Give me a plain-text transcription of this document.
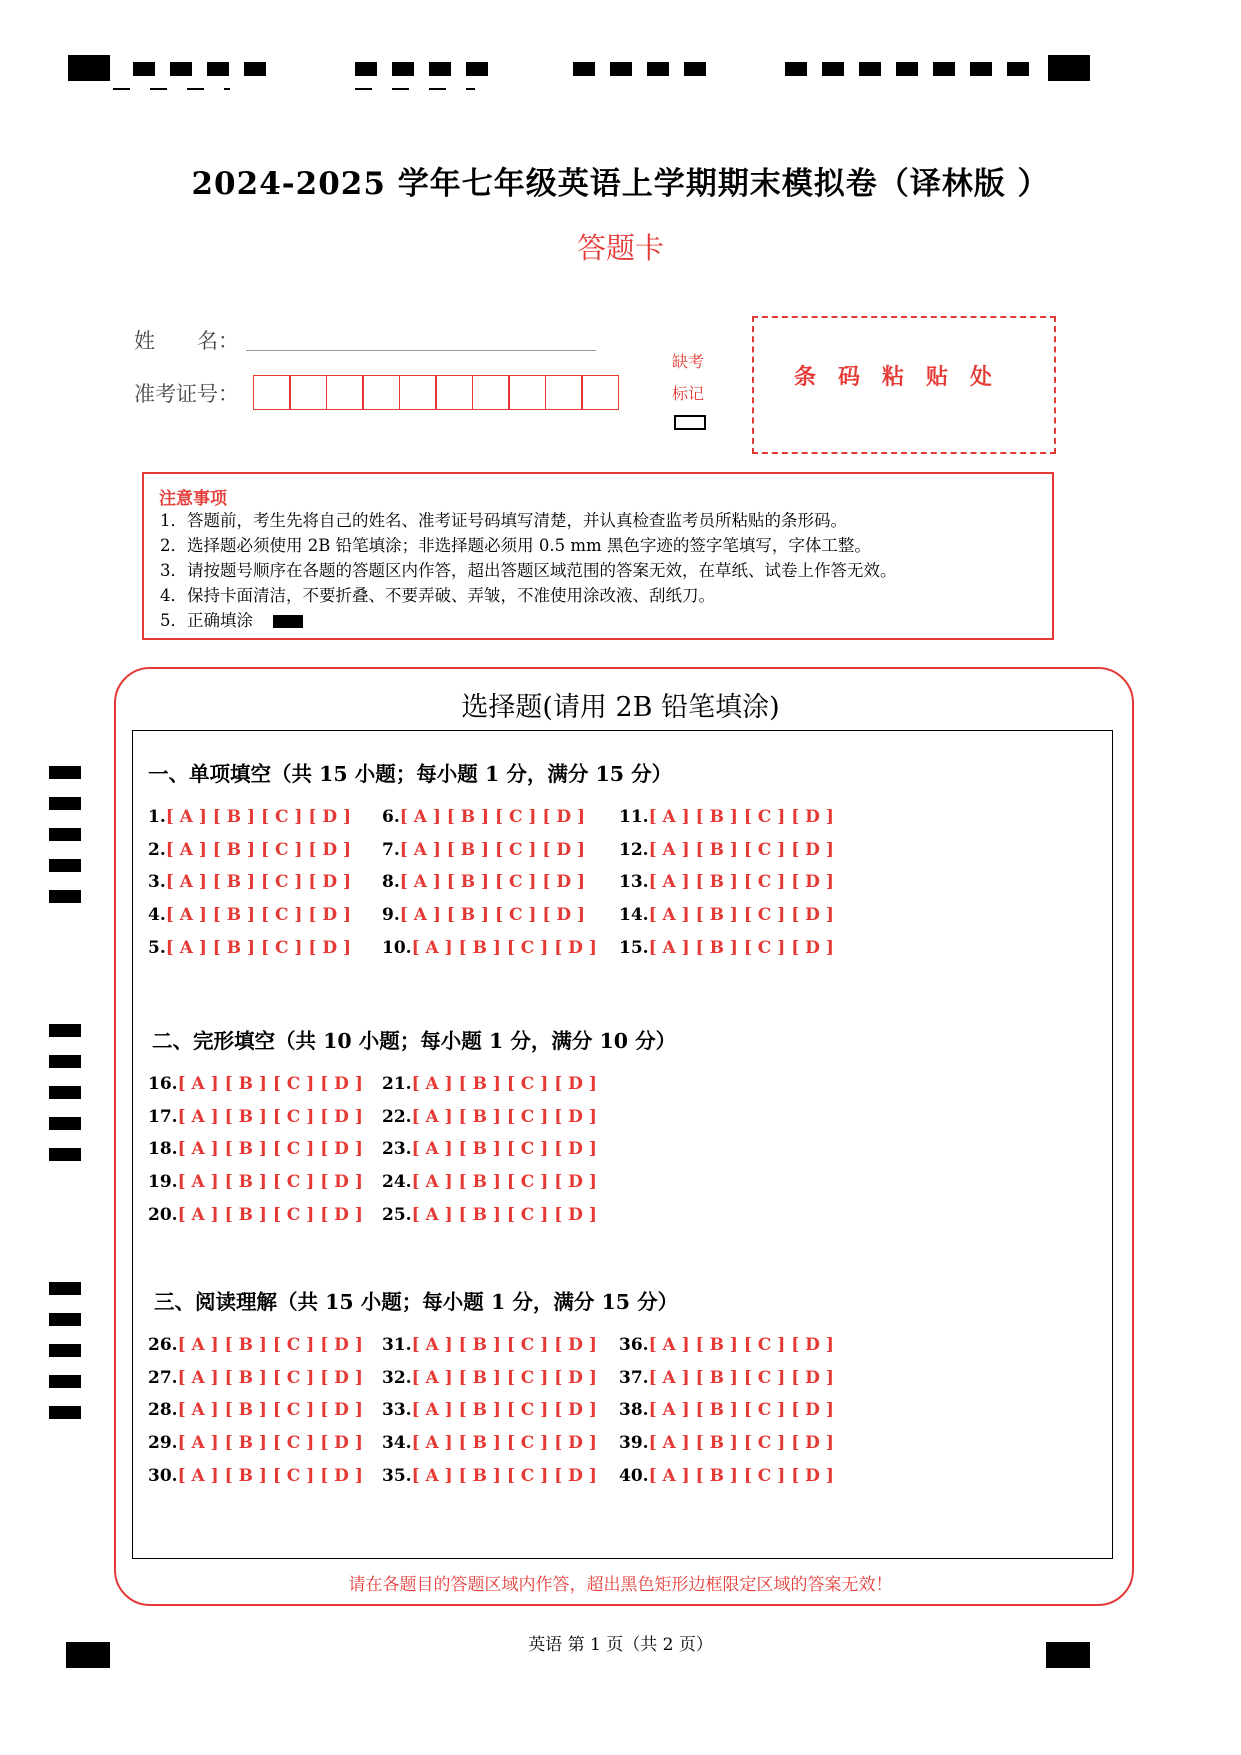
2024-2025 学年七年级英语上学期期末模拟卷（译林版 ）
答题卡
姓　　名：
准考证号：
缺考
标记
条码粘贴处
注意事项
1．答题前，考生先将自己的姓名、准考证号码填写清楚，并认真检查监考员所粘贴的条形码。
2．选择题必须使用 2B 铅笔填涂；非选择题必须用 0.5 mm 黑色字迹的签字笔填写，字体工整。
3．请按题号顺序在各题的答题区内作答，超出答题区域范围的答案无效，在草纸、试卷上作答无效。
4．保持卡面清洁，不要折叠、不要弄破、弄皱，不准使用涂改液、刮纸刀。
5．正确填涂
选择题(请用 2B 铅笔填涂)
一、单项填空（共 15 小题；每小题 1 分，满分 15 分）
1.[ A ] [ B ] [ C ] [ D ]
2.[ A ] [ B ] [ C ] [ D ]
3.[ A ] [ B ] [ C ] [ D ]
4.[ A ] [ B ] [ C ] [ D ]
5.[ A ] [ B ] [ C ] [ D ]
6.[ A ] [ B ] [ C ] [ D ]
7.[ A ] [ B ] [ C ] [ D ]
8.[ A ] [ B ] [ C ] [ D ]
9.[ A ] [ B ] [ C ] [ D ]
10.[ A ] [ B ] [ C ] [ D ]
11.[ A ] [ B ] [ C ] [ D ]
12.[ A ] [ B ] [ C ] [ D ]
13.[ A ] [ B ] [ C ] [ D ]
14.[ A ] [ B ] [ C ] [ D ]
15.[ A ] [ B ] [ C ] [ D ]
二、完形填空（共 10 小题；每小题 1 分，满分 10 分）
16.[ A ] [ B ] [ C ] [ D ]
17.[ A ] [ B ] [ C ] [ D ]
18.[ A ] [ B ] [ C ] [ D ]
19.[ A ] [ B ] [ C ] [ D ]
20.[ A ] [ B ] [ C ] [ D ]
21.[ A ] [ B ] [ C ] [ D ]
22.[ A ] [ B ] [ C ] [ D ]
23.[ A ] [ B ] [ C ] [ D ]
24.[ A ] [ B ] [ C ] [ D ]
25.[ A ] [ B ] [ C ] [ D ]
三、阅读理解（共 15 小题；每小题 1 分，满分 15 分）
26.[ A ] [ B ] [ C ] [ D ]
27.[ A ] [ B ] [ C ] [ D ]
28.[ A ] [ B ] [ C ] [ D ]
29.[ A ] [ B ] [ C ] [ D ]
30.[ A ] [ B ] [ C ] [ D ]
31.[ A ] [ B ] [ C ] [ D ]
32.[ A ] [ B ] [ C ] [ D ]
33.[ A ] [ B ] [ C ] [ D ]
34.[ A ] [ B ] [ C ] [ D ]
35.[ A ] [ B ] [ C ] [ D ]
36.[ A ] [ B ] [ C ] [ D ]
37.[ A ] [ B ] [ C ] [ D ]
38.[ A ] [ B ] [ C ] [ D ]
39.[ A ] [ B ] [ C ] [ D ]
40.[ A ] [ B ] [ C ] [ D ]
请在各题目的答题区域内作答，超出黑色矩形边框限定区域的答案无效！
英语 第 1 页（共 2 页）
